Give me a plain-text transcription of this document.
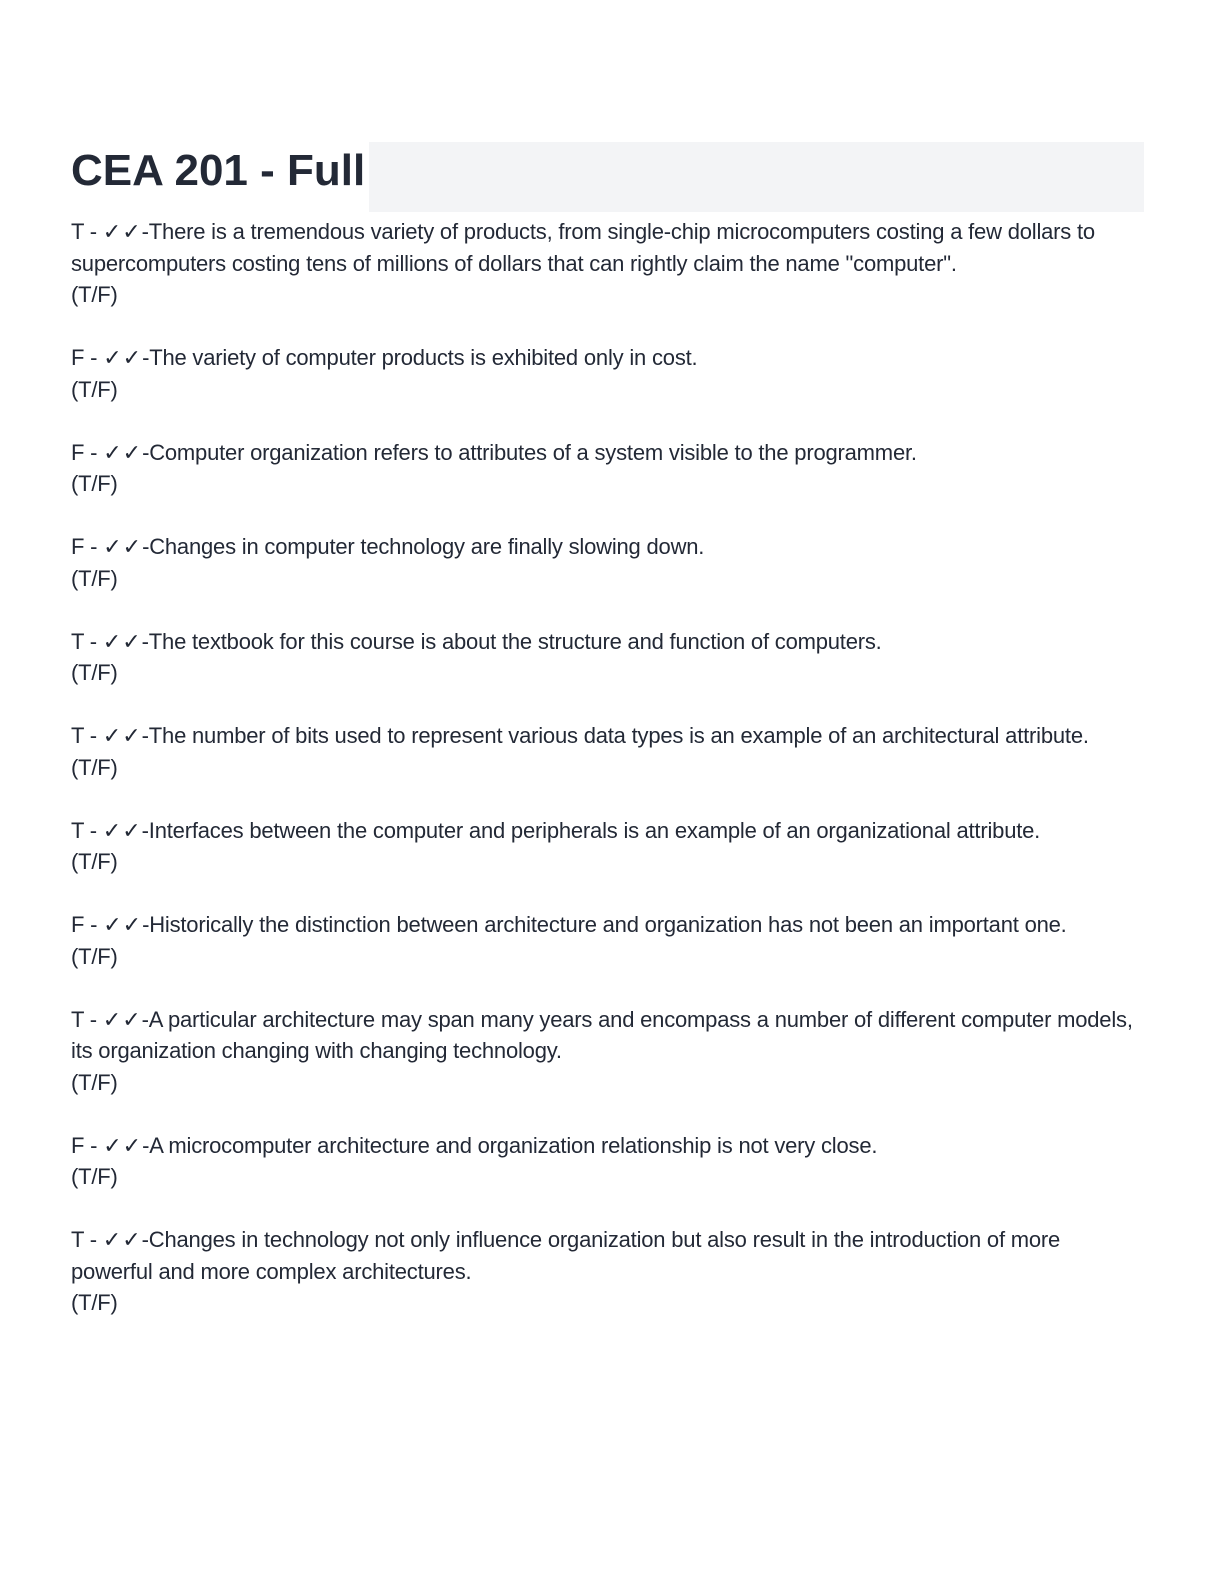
CEA 201 - Full
T - ✓✓-There is a tremendous variety of products, from single-chip microcomputers costing a few dollars to supercomputers costing tens of millions of dollars that can rightly claim the name "computer".
(T/F)
F - ✓✓-The variety of computer products is exhibited only in cost.
(T/F)
F - ✓✓-Computer organization refers to attributes of a system visible to the programmer.
(T/F)
F - ✓✓-Changes in computer technology are finally slowing down.
(T/F)
T - ✓✓-The textbook for this course is about the structure and function of computers.
(T/F)
T - ✓✓-The number of bits used to represent various data types is an example of an architectural attribute.
(T/F)
T - ✓✓-Interfaces between the computer and peripherals is an example of an organizational attribute.
(T/F)
F - ✓✓-Historically the distinction between architecture and organization has not been an important one.
(T/F)
T - ✓✓-A particular architecture may span many years and encompass a number of different computer models, its organization changing with changing technology.
(T/F)
F - ✓✓-A microcomputer architecture and organization relationship is not very close.
(T/F)
T - ✓✓-Changes in technology not only influence organization but also result in the introduction of more powerful and more complex architectures.
(T/F)
